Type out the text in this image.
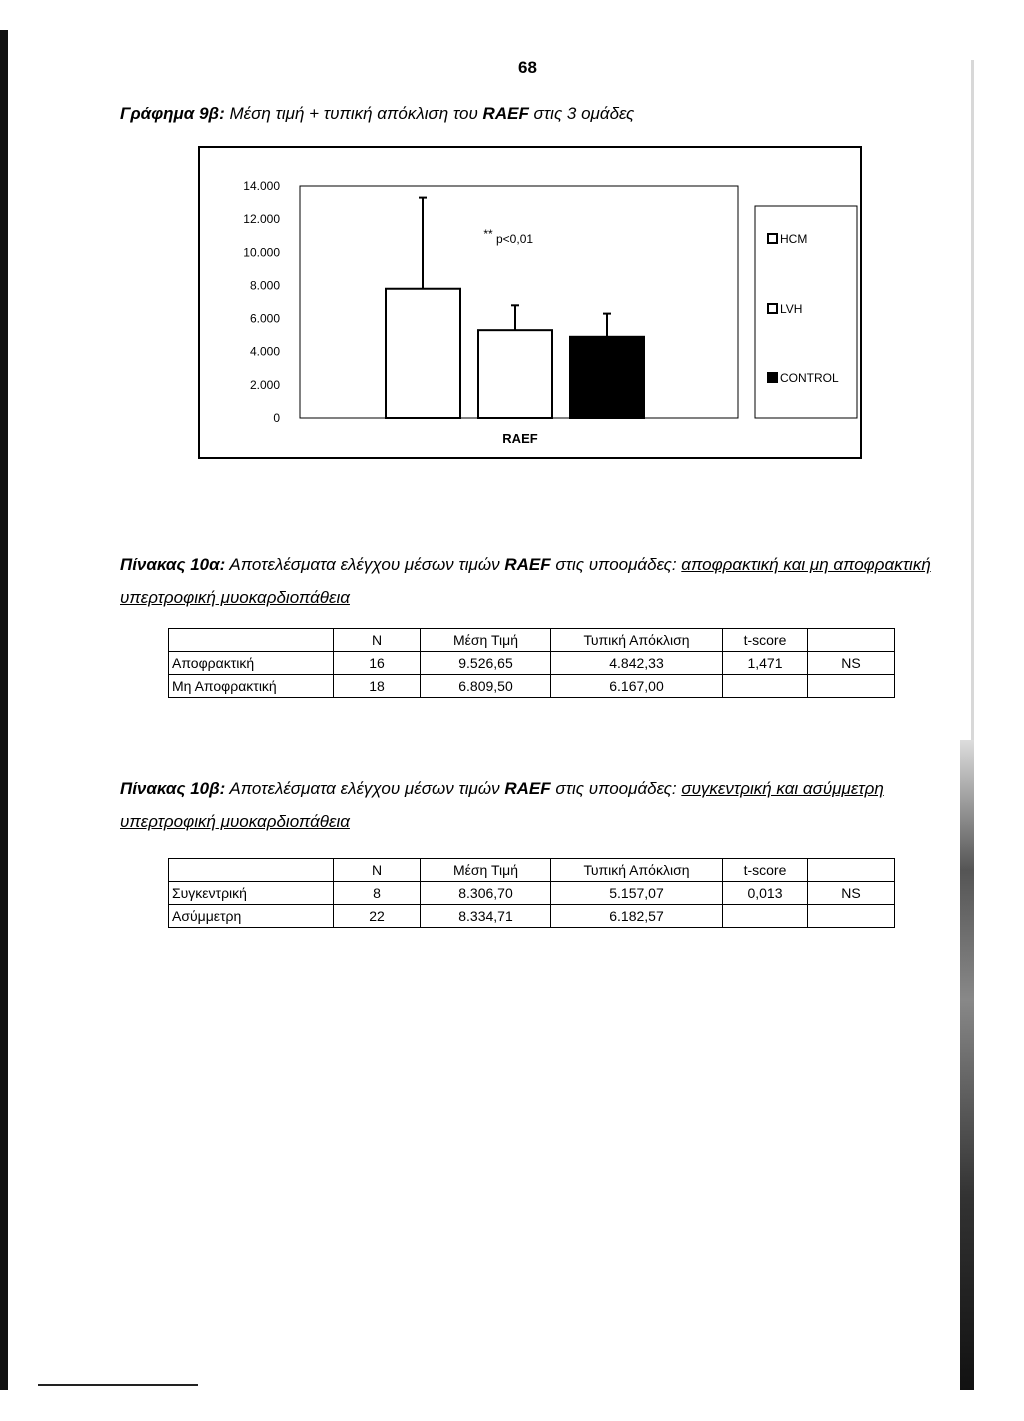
68
Γράφημα 9β: Μέση τιμή + τυπική απόκλιση του RAEF στις 3 ομάδες
0
2.000
4.000
6.000
8.000
10.000
12.000
14.000
RAEF
** p<0,01	HCM
LVH
CONTROL
Πίνακας 10α: Αποτελέσματα ελέγχου μέσων τιμών RAEF στις υποομάδες: αποφρακτική και μη αποφρακτική υπερτροφική μυοκαρδιοπάθεια
	N	Μέση Τιμή	Τυπική Απόκλιση	t-score	
Αποφρακτική	16	9.526,65	4.842,33	1,471	NS
Μη Αποφρακτική	18	6.809,50	6.167,00		
Πίνακας 10β: Αποτελέσματα ελέγχου μέσων τιμών RAEF στις υποομάδες: συγκεντρική και ασύμμετρη υπερτροφική μυοκαρδιοπάθεια
	N	Μέση Τιμή	Τυπική Απόκλιση	t-score	
Συγκεντρική	8	8.306,70	5.157,07	0,013	NS
Ασύμμετρη	22	8.334,71	6.182,57		
